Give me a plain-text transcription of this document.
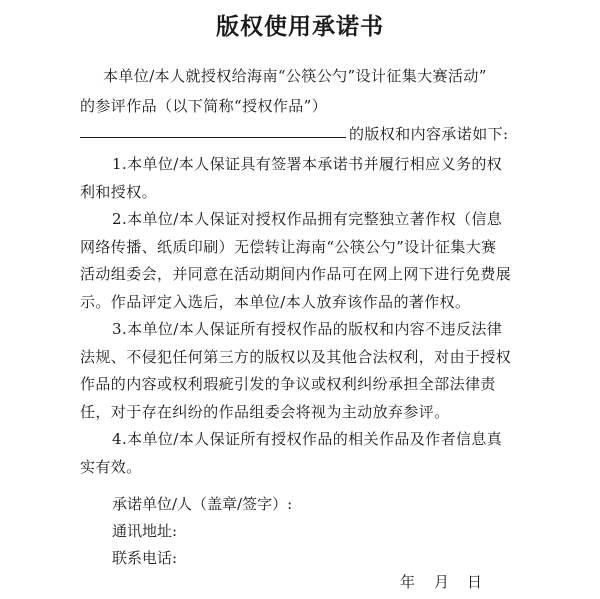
版权使用承诺书
本单位/本人就授权给海南“公筷公勺”设计征集大赛活动”
的参评作品（以下简称“授权作品”）
的版权和内容承诺如下:
1.本单位/本人保证具有签署本承诺书并履行相应义务的权
利和授权。
2.本单位/本人保证对授权作品拥有完整独立著作权（信息
网络传播、纸质印刷）无偿转让海南“公筷公勺”设计征集大赛
活动组委会，并同意在活动期间内作品可在网上网下进行免费展
示。作品评定入选后，本单位/本人放弃该作品的著作权。
3.本单位/本人保证所有授权作品的版权和内容不违反法律
法规、不侵犯任何第三方的版权以及其他合法权利，对由于授权
作品的内容或权利瑕疵引发的争议或权利纠纷承担全部法律责
任，对于存在纠纷的作品组委会将视为主动放弃参评。
4.本单位/本人保证所有授权作品的相关作品及作者信息真
实有效。
承诺单位/人（盖章/签字）:
通讯地址:
联系电话:
年 月 日
